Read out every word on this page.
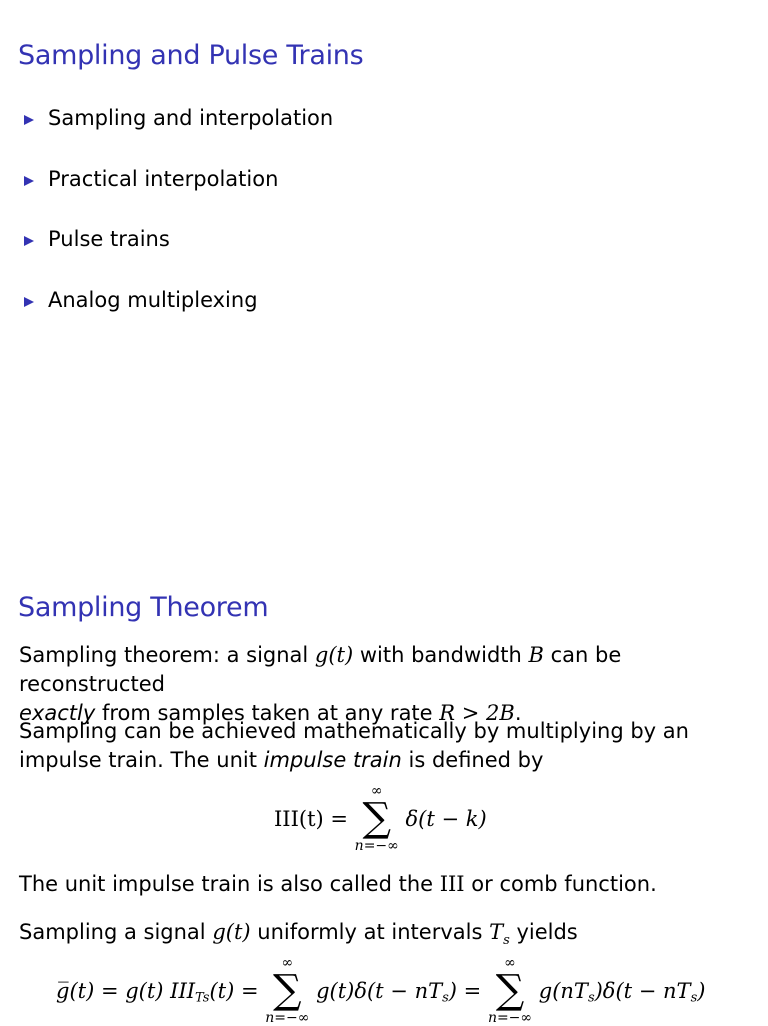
Sampling and Pulse Trains
Sampling and interpolation
Practical interpolation
Pulse trains
Analog multiplexing
Sampling Theorem

Sampling theorem: a signal g(t) with bandwidth B can be reconstructed
exactly from samples taken at any rate R > 2B.

Sampling can be achieved mathematically by multiplying by an impulse train. The unit impulse train is defined by

III(t) =
∞
∑
n=−∞
δ(t − k)

The unit impulse train is also called the III or comb function.

Sampling a signal g(t) uniformly at intervals $T_s$ yields

g̅(t) = g(t) $III_{Ts}(t)$ =
∞
∑
n=−∞
$g(t)\delta(t - nT_s)$ =
∞
∑
n=−∞
$g(nT_s)\delta(t - nT_s)$
